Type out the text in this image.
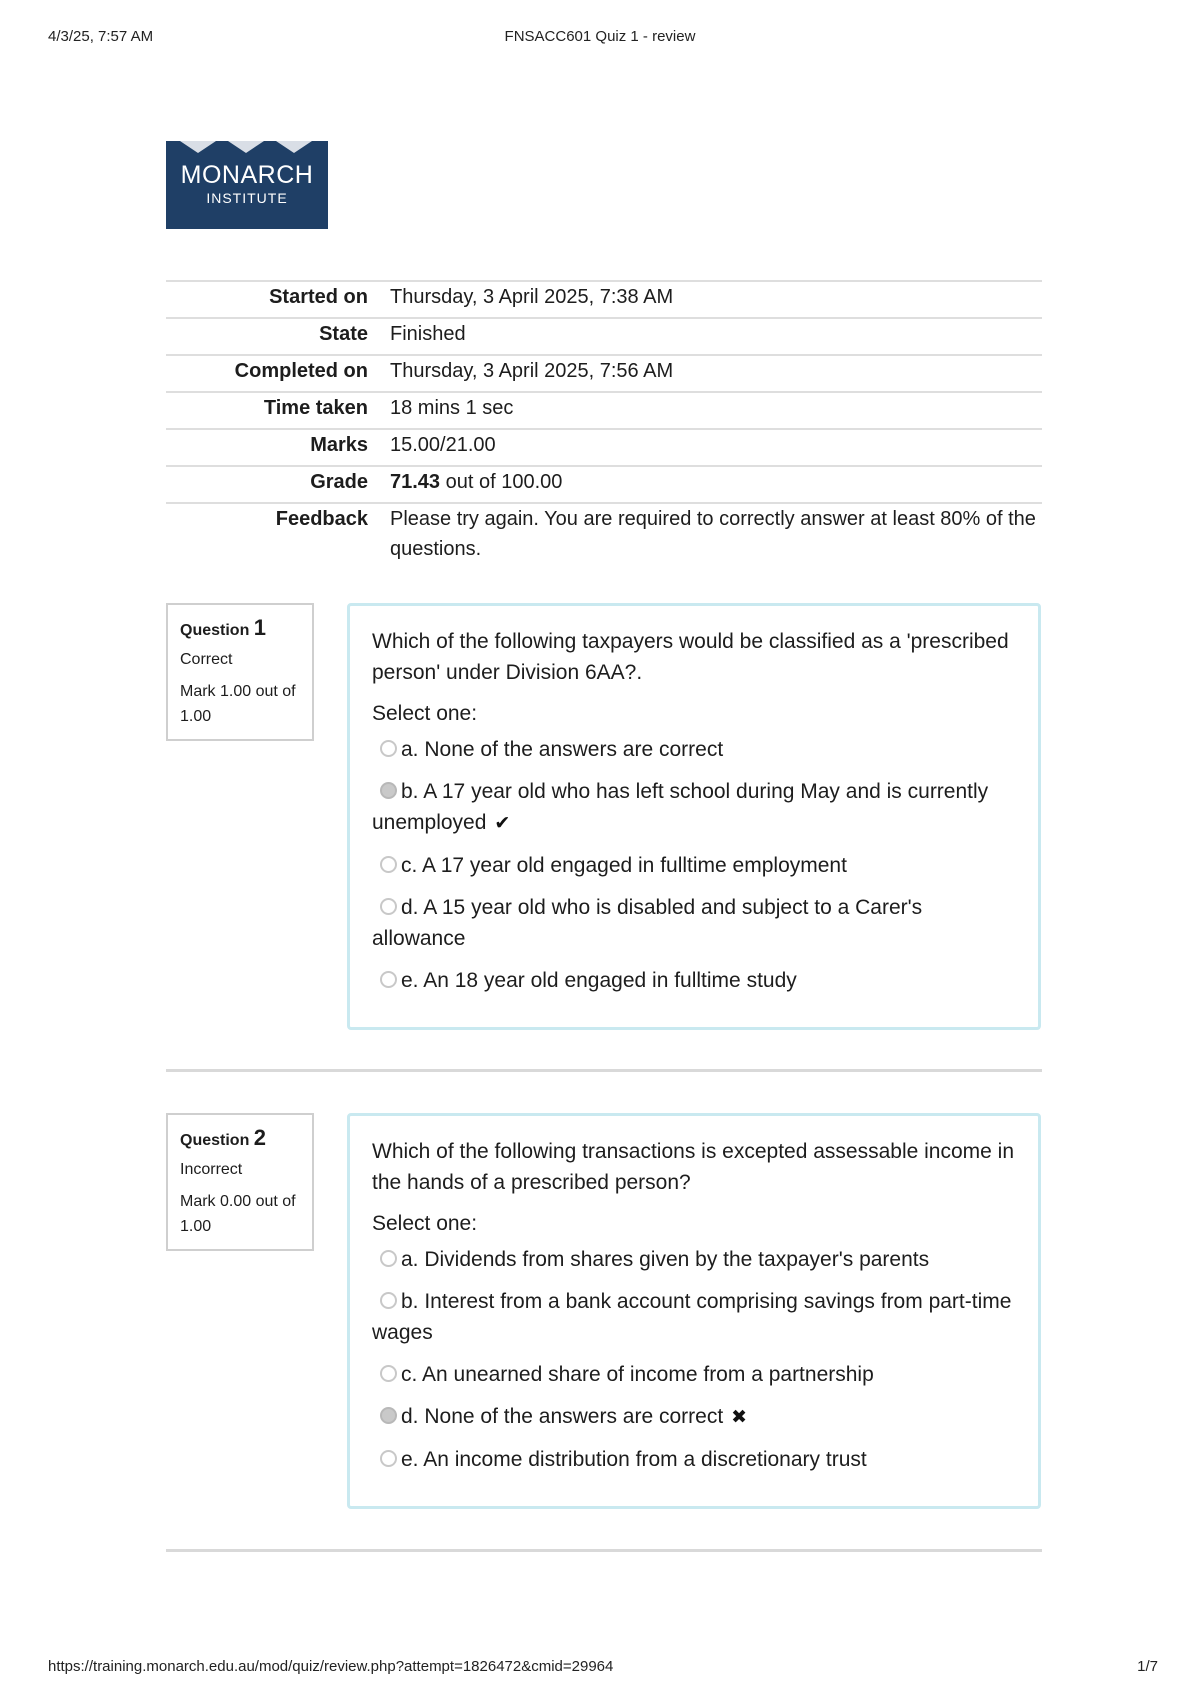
4/3/25, 7:57 AM	FNSACC601 Quiz 1 - review
MONARCH
INSTITUTE
Started on	Thursday, 3 April 2025, 7:38 AM
State	Finished
Completed on	Thursday, 3 April 2025, 7:56 AM
Time taken	18 mins 1 sec
Marks	15.00/21.00
Grade	71.43 out of 100.00
Feedback	Please try again. You are required to correctly answer at least 80% of the questions.
Question 1
Correct
Mark 1.00 out of 1.00
Which of the following taxpayers would be classified as a 'prescribed person' under Division 6AA?.
Select one:
a. None of the answers are correct
b. A 17 year old who has left school during May and is currently unemployed ✔
c. A 17 year old engaged in fulltime employment
d. A 15 year old who is disabled and subject to a Carer's allowance
e. An 18 year old engaged in fulltime study
Question 2
Incorrect
Mark 0.00 out of 1.00
Which of the following transactions is excepted assessable income in the hands of a prescribed person?
Select one:
a. Dividends from shares given by the taxpayer's parents
b. Interest from a bank account comprising savings from part-time wages
c. An unearned share of income from a partnership
d. None of the answers are correct ✖
e. An income distribution from a discretionary trust
https://training.monarch.edu.au/mod/quiz/review.php?attempt=1826472&cmid=29964	1/7
